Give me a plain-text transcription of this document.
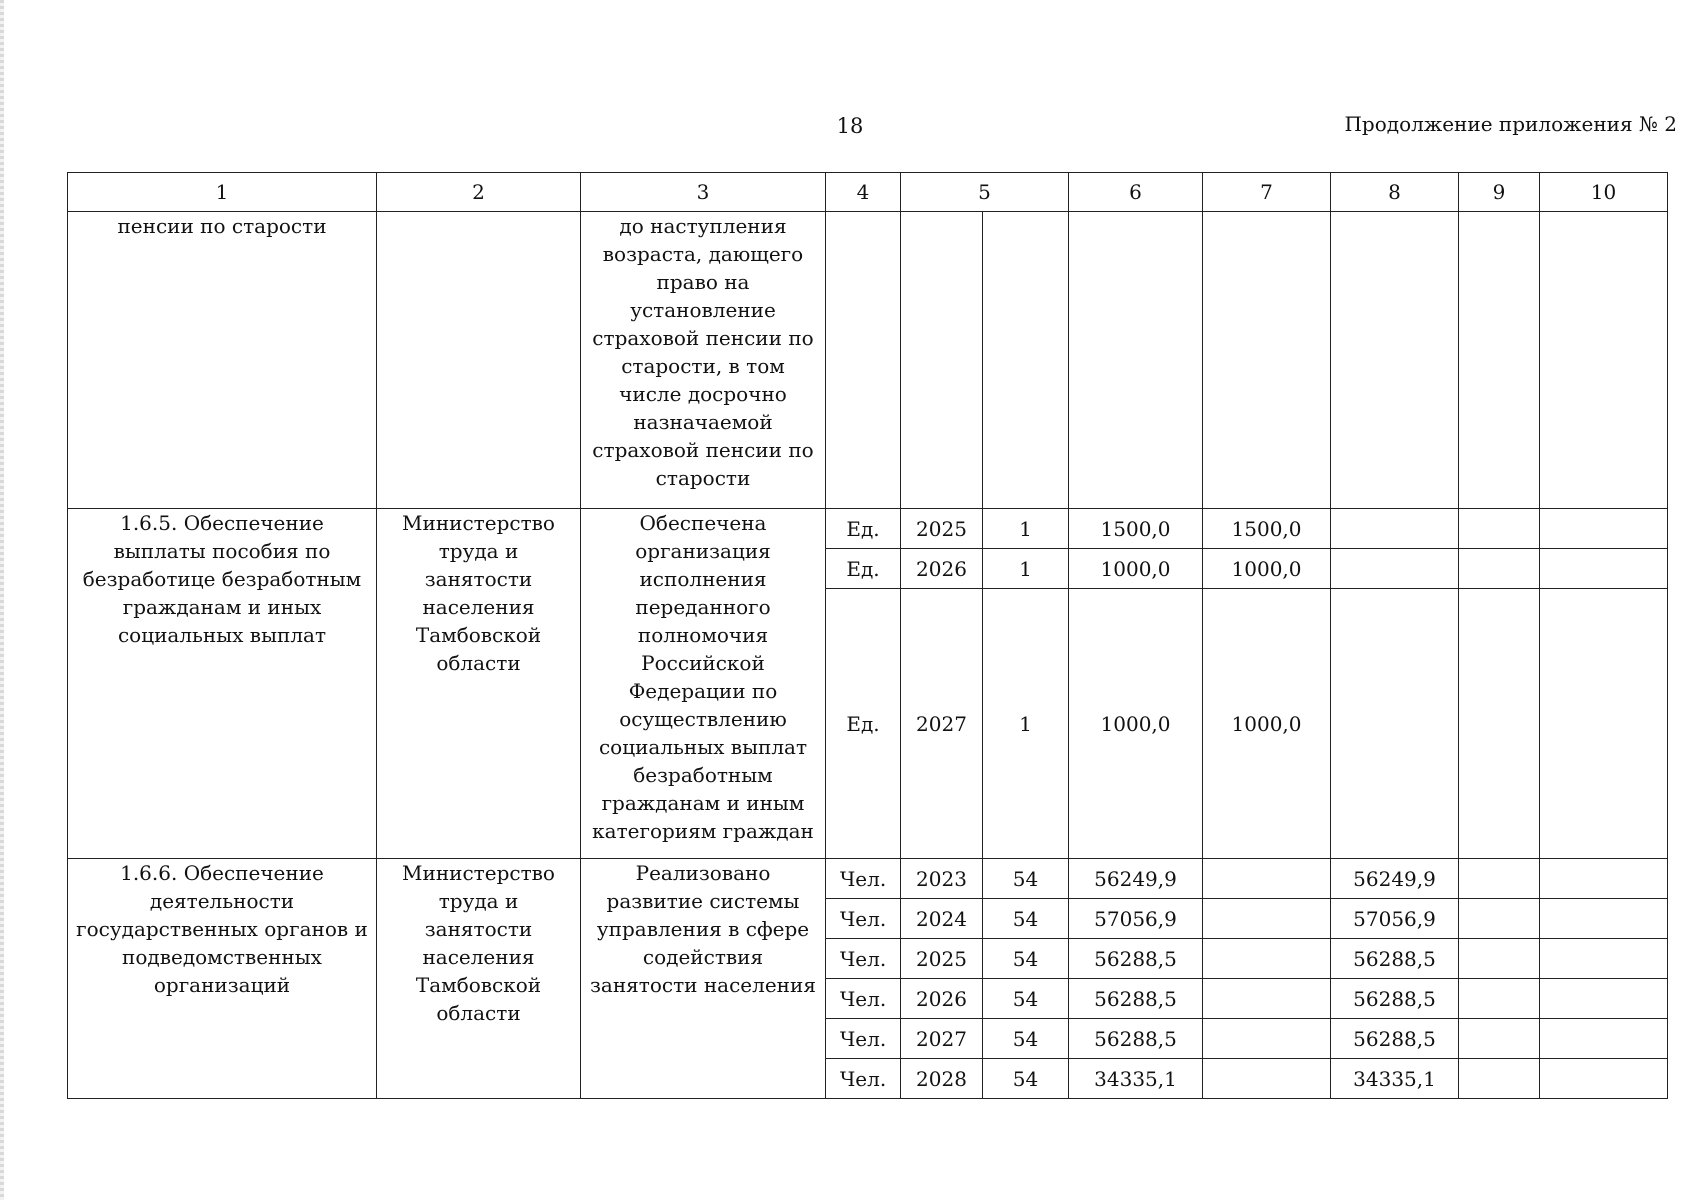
18	Продолжение приложения № 2
1	2	3	4	5		6	7	8	9	10
пенсии по старости		до наступления возраста, дающего право на установление страховой пенсии по старости, в том числе досрочно назначаемой страховой пенсии по старости								
1.6.5. Обеспечение выплаты пособия по безработице безработным гражданам и иных социальных выплат	Министерство труда и занятости населения Тамбовской области	Обеспечена организация исполнения переданного полномочия Российской Федерации по осуществлению социальных выплат безработным гражданам и иным категориям граждан	Ед.	2025	1	1500,0	1500,0			
			Ед.	2026	1	1000,0	1000,0			
			Ед.	2027	1	1000,0	1000,0			
1.6.6. Обеспечение деятельности государственных органов и подведомственных организаций	Министерство труда и занятости населения Тамбовской области	Реализовано развитие системы управления в сфере содействия занятости населения	Чел.	2023	54	56249,9		56249,9		
			Чел.	2024	54	57056,9		57056,9		
			Чел.	2025	54	56288,5		56288,5		
			Чел.	2026	54	56288,5		56288,5		
			Чел.	2027	54	56288,5		56288,5		
			Чел.	2028	54	34335,1		34335,1		
